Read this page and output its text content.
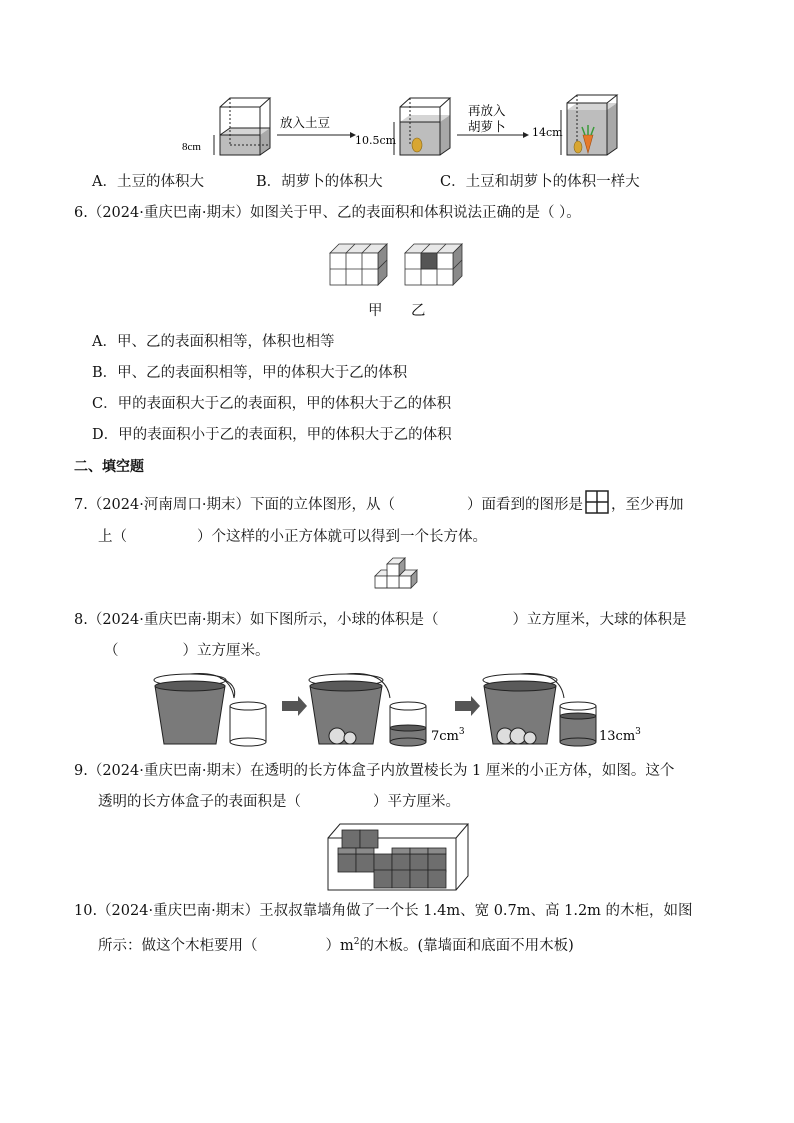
8cm
放入土豆
10.5cm
再放入
胡萝卜 14cm
A．土豆的体积大	B．胡萝卜的体积大	C．土豆和胡萝卜的体积一样大
6.（2024·重庆巴南·期末）如图关于甲、乙的表面积和体积说法正确的是（ ）。
甲 乙
A．甲、乙的表面积相等，体积也相等
B．甲、乙的表面积相等，甲的体积大于乙的体积
C．甲的表面积大于乙的表面积，甲的体积大于乙的体积
D．甲的表面积小于乙的表面积，甲的体积大于乙的体积
二、填空题
7.（2024·河南周口·期末）下面的立体图形，从（	）面看到的图形是 ，至少再加
上（	）个这样的小正方体就可以得到一个长方体。
8.（2024·重庆巴南·期末）如下图所示，小球的体积是（	）立方厘米，大球的体积是
（	）立方厘米。
$7cm^3$	$13cm^3$
9.（2024·重庆巴南·期末）在透明的长方体盒子内放置棱长为 1 厘米的小正方体，如图。这个
透明的长方体盒子的表面积是（	）平方厘米。
10.（2024·重庆巴南·期末）王叔叔靠墙角做了一个长 1.4m、宽 0.7m、高 1.2m 的木柜，如图
所示：做这个木柜要用（	）$m^2$的木板。(靠墙面和底面不用木板)
